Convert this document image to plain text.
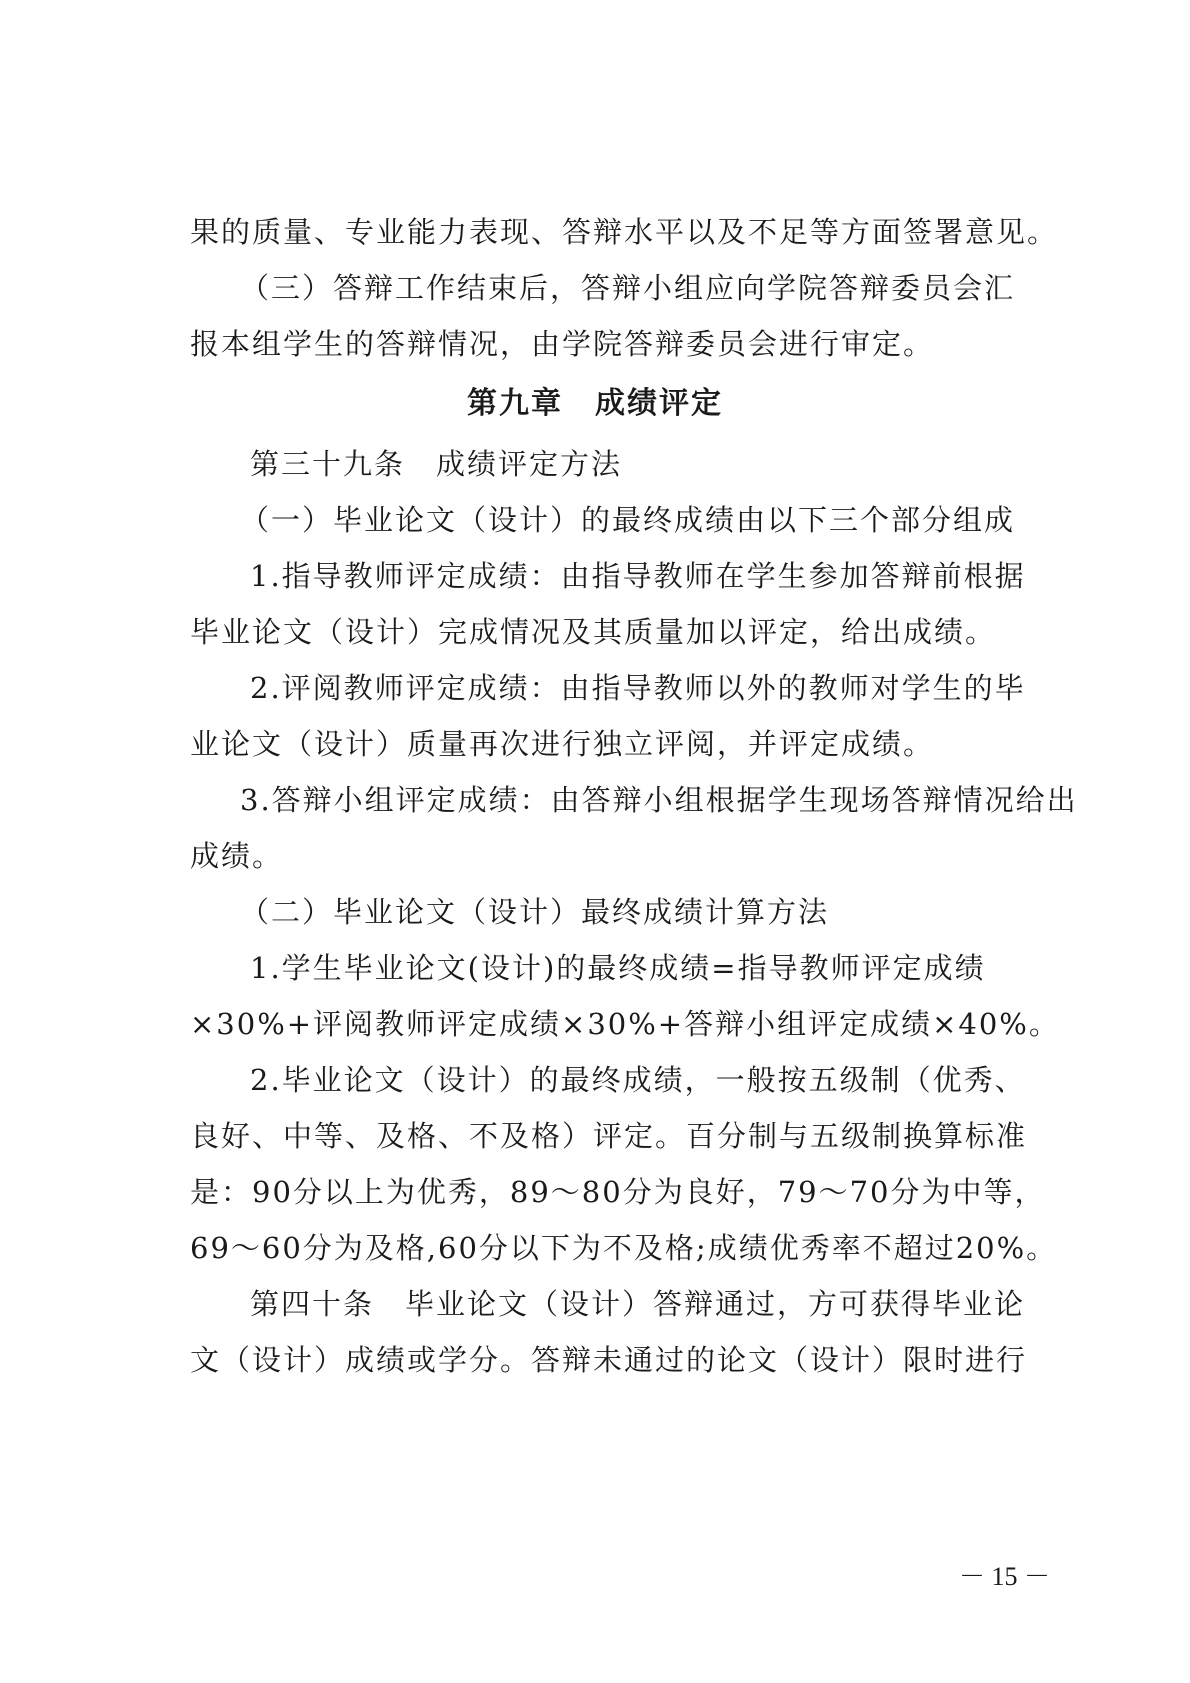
果的质量、专业能力表现、答辩水平以及不足等方面签署意见。
（三）答辩工作结束后，答辩小组应向学院答辩委员会汇
报本组学生的答辩情况，由学院答辩委员会进行审定。
第九章　成绩评定
第三十九条　成绩评定方法
（一）毕业论文（设计）的最终成绩由以下三个部分组成
1.指导教师评定成绩：由指导教师在学生参加答辩前根据
毕业论文（设计）完成情况及其质量加以评定，给出成绩。
2.评阅教师评定成绩：由指导教师以外的教师对学生的毕
业论文（设计）质量再次进行独立评阅，并评定成绩。
3.答辩小组评定成绩：由答辩小组根据学生现场答辩情况给出
成绩。
（二）毕业论文（设计）最终成绩计算方法
1.学生毕业论文(设计)的最终成绩=指导教师评定成绩
×30%+评阅教师评定成绩×30%+答辩小组评定成绩×40%。
2.毕业论文（设计）的最终成绩，一般按五级制（优秀、
良好、中等、及格、不及格）评定。百分制与五级制换算标准
是：90分以上为优秀，89～80分为良好，79～70分为中等，
69～60分为及格,60分以下为不及格;成绩优秀率不超过20%。
第四十条　毕业论文（设计）答辩通过，方可获得毕业论
文（设计）成绩或学分。答辩未通过的论文（设计）限时进行
－ 15 －
